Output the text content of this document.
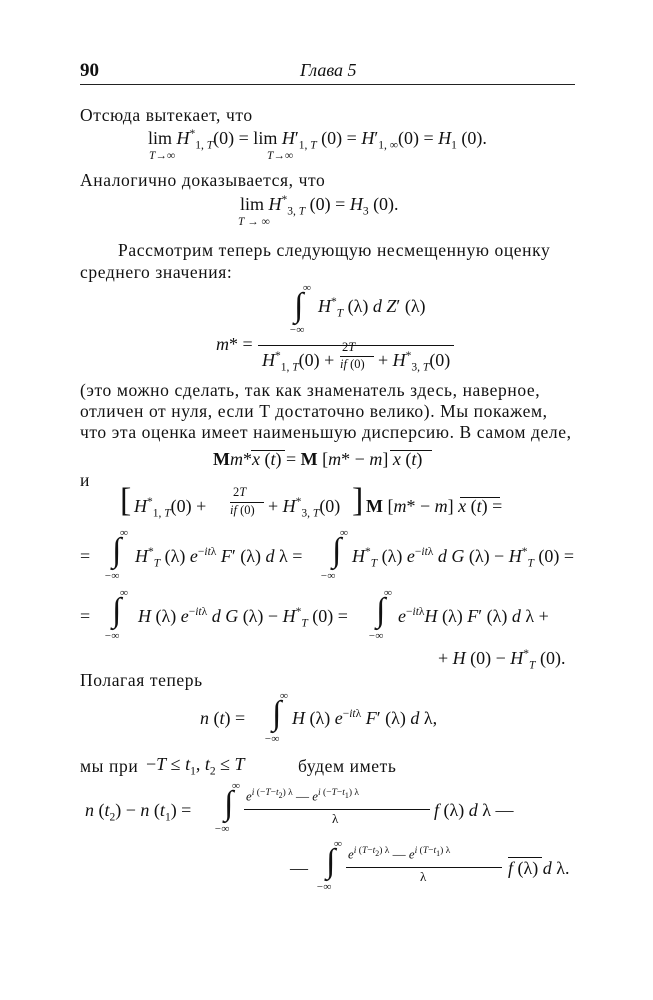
90	Глава 5
Отсюда вытекает, что
$\lim H^*_{1, T}(0) = \lim H'_{1, T}$ $(0) = H'_{1, \infty}(0) = H_1$ (0).
T→∞	T→∞
Аналогично доказывается, что
$\lim H^*_{3, T}$ $(0) = H_3$ (0).
T → ∞
Рассмотрим теперь следующую несмещенную оценку
среднего значения:
∞
∫
−∞
$H^*_T$ (λ) d Z′ (λ)
m* =
$H^*_{1, T}(0)$ +
2T
if $(0) + H^*_{3, T}(0)$
(это можно сделать, так как знаменатель здесь, наверное,
отличен от нуля, если T достаточно велико). Мы покажем,
что эта оценка имеет наименьшую дисперсию. В самом деле,
Mm*x (t) = M [m* − m] x (t)
и
[ $H^*_{1, T}(0)$ +
2T
if $(0) + H^*_{3, T}(0)$ ] M [m* − m] x (t) =
=
∞
∫
−∞
$H^*_T$ (λ) $e^{-it\lambda}$ F′ (λ) d λ =
∞
∫
−∞
$H^*_T$ (λ) $e^{-it\lambda}$ d G $(\lambda) - H^*_T$ (0) =
=
∞
∫
−∞
H (λ) $e^{-it\lambda}$ d G $(\lambda) - H^*_T$ (0) =
∞
∫
−∞
$e^{-it\lambda}H$ (λ) F′ (λ) d λ +
+ H $(0) - H^*_T$ (0).
Полагая теперь
n (t) =
∞
∫
−∞
H (λ) $e^{-it\lambda}$ F′ (λ) d λ,
мы при $-T \le t_1$, $t_2 \le T$	будем иметь
n $(t_2) - n$ $(t_1)$ =
∞
∫
−∞
$e^{i (-T-t_2) \lambda}$ — $e^{i (-T-t_1) \lambda}$
λ	f (λ) d λ —
—
∞
∫
−∞
$e^{i (T-t_2) \lambda}$ — $e^{i (T-t_1) \lambda}$
λ	f (λ) d λ.
